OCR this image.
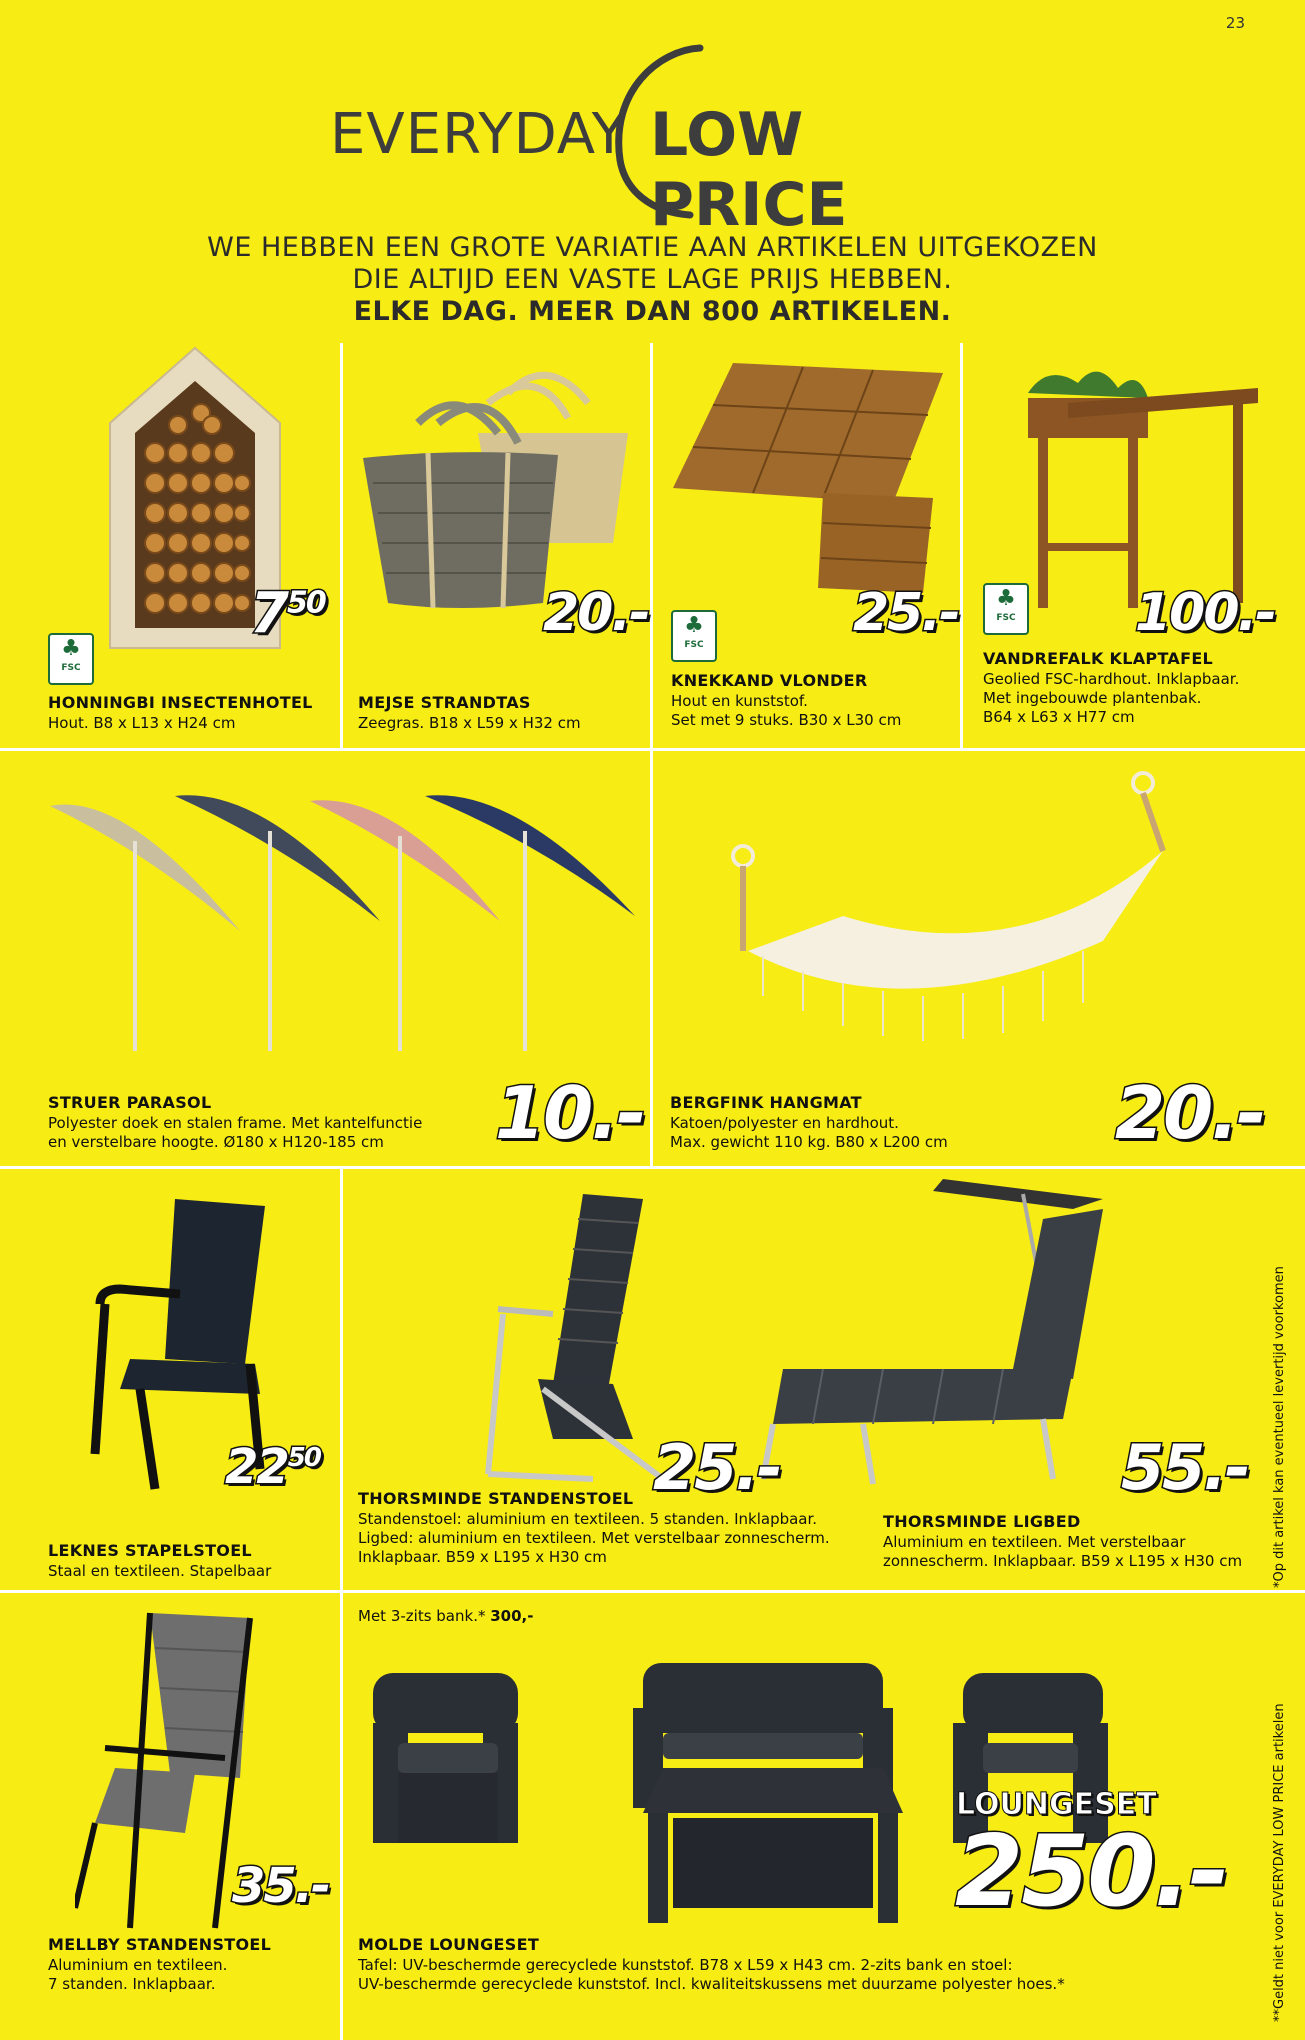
23
EVERYDAY LOW PRICE
WE HEBBEN EEN GROTE VARIATIE AAN ARTIKELEN UITGEKOZEN
DIE ALTIJD EEN VASTE LAGE PRIJS HEBBEN.
ELKE DAG. MEER DAN 800 ARTIKELEN.
♣
FSC
$7^{50}$
HONNINGBI INSECTENHOTEL
Hout. B8 x L13 x H24 cm
20.-
MEJSE STRANDTAS
Zeegras. B18 x L59 x H32 cm
♣
FSC
25.-
KNEKKAND VLONDER
Hout en kunststof.
Set met 9 stuks. B30 x L30 cm
♣
FSC 100.-
VANDREFALK KLAPTAFEL
Geolied FSC-hardhout. Inklapbaar.
Met ingebouwde plantenbak.
B64 x L63 x H77 cm
STRUER PARASOL
Polyester doek en stalen frame. Met kantelfunctie
en verstelbare hoogte. Ø180 x H120-185 cm	10.- BERGFINK HANGMAT
Katoen/polyester en hardhout.
Max. gewicht 110 kg. B80 x L200 cm 20.-
$22^{50}$
LEKNES STAPELSTOEL
Staal en textileen. Stapelbaar
25.-	55.-
THORSMINDE STANDENSTOEL
Standenstoel: aluminium en textileen. 5 standen. Inklapbaar.
Ligbed: aluminium en textileen. Met verstelbaar zonnescherm.
Inklapbaar. B59 x L195 x H30 cm
THORSMINDE LIGBED
Aluminium en textileen. Met verstelbaar
zonnescherm. Inklapbaar. B59 x L195 x H30 cm
35.-
MELLBY STANDENSTOEL
Aluminium en textileen.
7 standen. Inklapbaar.
Met 3-zits bank.* 300,-
LOUNGESET
250.-
MOLDE LOUNGESET
Tafel: UV-beschermde gerecyclede kunststof. B78 x L59 x H43 cm. 2-zits bank en stoel:
UV-beschermde gerecyclede kunststof. Incl. kwaliteitskussens met duurzame polyester hoes.*
*Op dit artikel kan eventueel levertijd voorkomen
**Geldt niet voor EVERYDAY LOW PRICE artikelen
